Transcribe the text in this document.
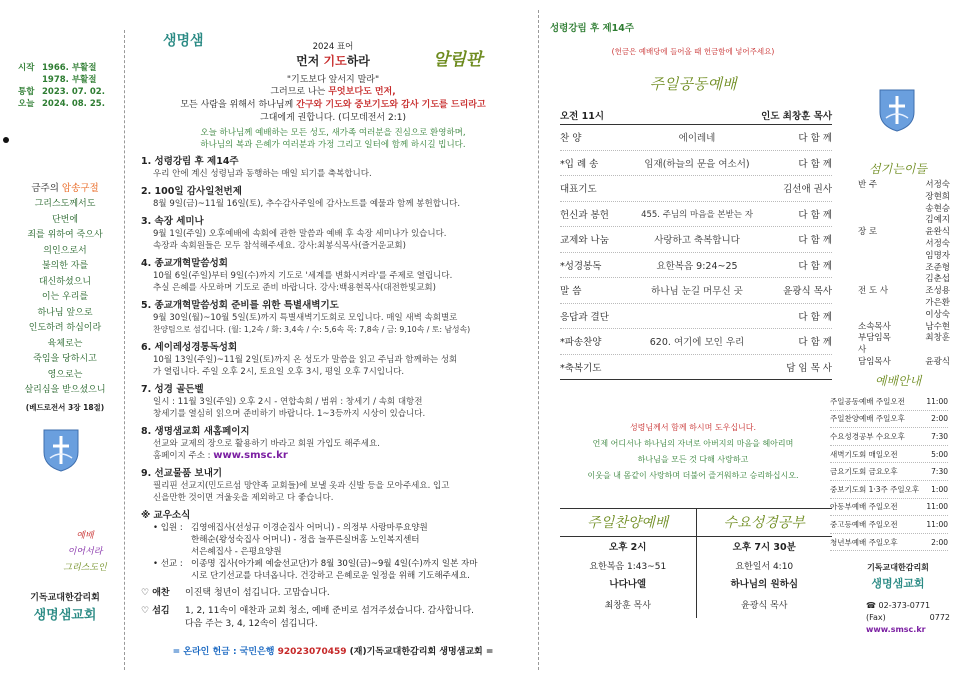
시작 1966. 부활절
1978. 부활절
통합 2023. 07. 02.
오늘 2024. 08. 25.
금주의 암송구절
그리스도께서도
단번에
죄를 위하여 죽으사
의인으로서
불의한 자를
대신하셨으니
이는 우리를
하나님 앞으로
인도하려 하심이라
육체로는
죽임을 당하시고
영으로는
살리심을 받으셨으니
(베드로전서 3장 18절)
예배
이어서라
그리스도인
기독교대한감리회
생명샘교회
생명샘	2024 표어
먼저 기도하라
"기도보다 앞서지 말라"
알림판
그러므로 나는 무엇보다도 먼저,
모든 사람을 위해서 하나님께 간구와 기도와 중보기도와 감사 기도를 드리라고
그대에게 권합니다. (디모데전서 2:1)
오늘 하나님께 예배하는 모든 성도, 새가족 여러분을 진심으로 환영하며,
하나님의 복과 은혜가 여러분과 가정 그리고 일터에 함께 하시길 빕니다.
1. 성령강림 후 제14주
우리 안에 계신 성령님과 동행하는 매일 되기를 축복합니다.
2. 100일 감사일천번제
8월 9일(금)~11월 16일(토), 추수감사주일에 감사노트를 예물과 함께 봉헌합니다.
3. 속장 세미나
9월 1일(주일) 오후예배에 속회에 관한 말씀과 예배 후 속장 세미나가 있습니다.
속장과 속회원들은 모두 참석해주세요. 강사:최봉식목사(즐거운교회)
4. 종교개혁말씀성회
10월 6일(주일)부터 9일(수)까지 기도로 '세계를 변화시켜라'를 주제로 열립니다.
추실 은혜를 사모하며 기도로 준비 바랍니다. 강사:백용현목사(대전한빛교회)
5. 종교개혁말씀성회 준비를 위한 특별새벽기도
9월 30일(월)~10월 5일(토)까지 특별새벽기도회로 모입니다. 매일 새벽 속회별로
찬양팀으로 섬깁니다. (월: 1,2속 / 화: 3,4속 / 수: 5,6속 목: 7,8속 / 금: 9,10속 / 토: 남성속)
6. 세이레성경통독성회
10월 13일(주일)~11월 2일(토)까지 온 성도가 말씀을 읽고 주님과 함께하는 성회
가 열립니다. 주일 오후 2시, 토요일 오후 3시, 평일 오후 7시입니다.
7. 성경 골든벨
일시 : 11월 3일(주일) 오후 2시 - 연합속회 / 범위 : 창세기 / 속회 대항전
창세기를 열심히 읽으며 준비하기 바랍니다. 1~3등까지 시상이 있습니다.
8. 생명샘교회 새홈페이지
선교와 교제의 장으로 활용하기 바라고 회원 가입도 해주세요.
홈페이지 주소 : www.smsc.kr
9. 선교물품 보내기
필리핀 선교지(민도르섬 망얀족 교회들)에 보낼 옷과 신발 등을 모아주세요. 입고
신을만한 것이면 겨울옷을 제외하고 다 좋습니다.
※ 교우소식
• 입원 : 김영애집사(선성규 이경순집사 어머니) - 의정부 사랑마루요양원
한해순(왕성숙집사 어머니) - 정읍 늘푸른실버홈 노인복지센터
서은혜집사 - 은평요양원
• 선교 : 이종명 집사(아가페 예술선교단)가 8월 30일(금)~9월 4일(수)까지 일본 자마
시로 단기선교를 다녀옵니다. 건강하고 은혜로운 일정을 위해 기도해주세요.
♡ 애찬	이진택 청년이 섬깁니다. 고맙습니다.
♡ 섬김	1, 2, 11속이 애찬과 교회 청소, 예배 준비로 섬겨주셨습니다. 감사합니다.
다음 주는 3, 4, 12속이 섬깁니다.
= 온라인 헌금 : 국민은행 92023070459 (재)기독교대한감리회 생명샘교회 =
성령강림 후 제14주
(헌금은 예배당에 들어올 때 헌금함에 넣어주세요)
주일공동예배
오전 11시	인도 최창훈 목사
찬 양	에이레네	다 함 께
*입 례 송	임재(하늘의 문을 여소서)	다 함 께
대표기도	김선애 권사
헌신과 봉헌	455. 주님의 마음을 본받는 자	다 함 께
교제와 나눔	사랑하고 축복합니다	다 함 께
*성경봉독	요한복음 9:24~25	다 함 께
말 씀	하나님 눈길 머무신 곳	윤광식 목사
응답과 결단	다 함 께
*파송찬양	620. 여기에 모인 우리	다 함 께
*축복기도	담 임 목 사
성령님께서 함께 하시며 도우십니다.
언제 어디서나 하나님의 자녀로 아버지의 마음을 헤아리며
하나님을 모든 것 다해 사랑하고
이웃을 내 몸같이 사랑하며 더불어 즐거워하고 승리하십시오.
주일찬양예배
오후 2시
요한복음 1:43~51
나다나엘
최창훈 목사
수요성경공부
오후 7시 30분
요한일서 4:10
하나님의 원하심
윤광식 목사
섬기는이들
반 주	서정숙
장현희
송현승
김예지
장 로	윤완식
서정숙
임명자
조준형
김춘섭
전 도 사	조성용
가은환
이상숙
소속목사	남수현
부담임목사
최창훈
담임목사	윤광식
예배안내
주일공동예배 주일오전	11:00
주일찬양예배 주일오후	2:00
수요성경공부 수요오후	7:30
새벽기도회 매일오전	5:00
금요기도회 금요오후	7:30
중보기도회 1·3주 주일오후	1:00
아동부예배 주일오전	11:00
중고등예배 주일오전	11:00
청년부예배 주일오후	2:00
기독교대한감리회
생명샘교회
☎ 02-373-0771
(Fax)	0772
www.smsc.kr
